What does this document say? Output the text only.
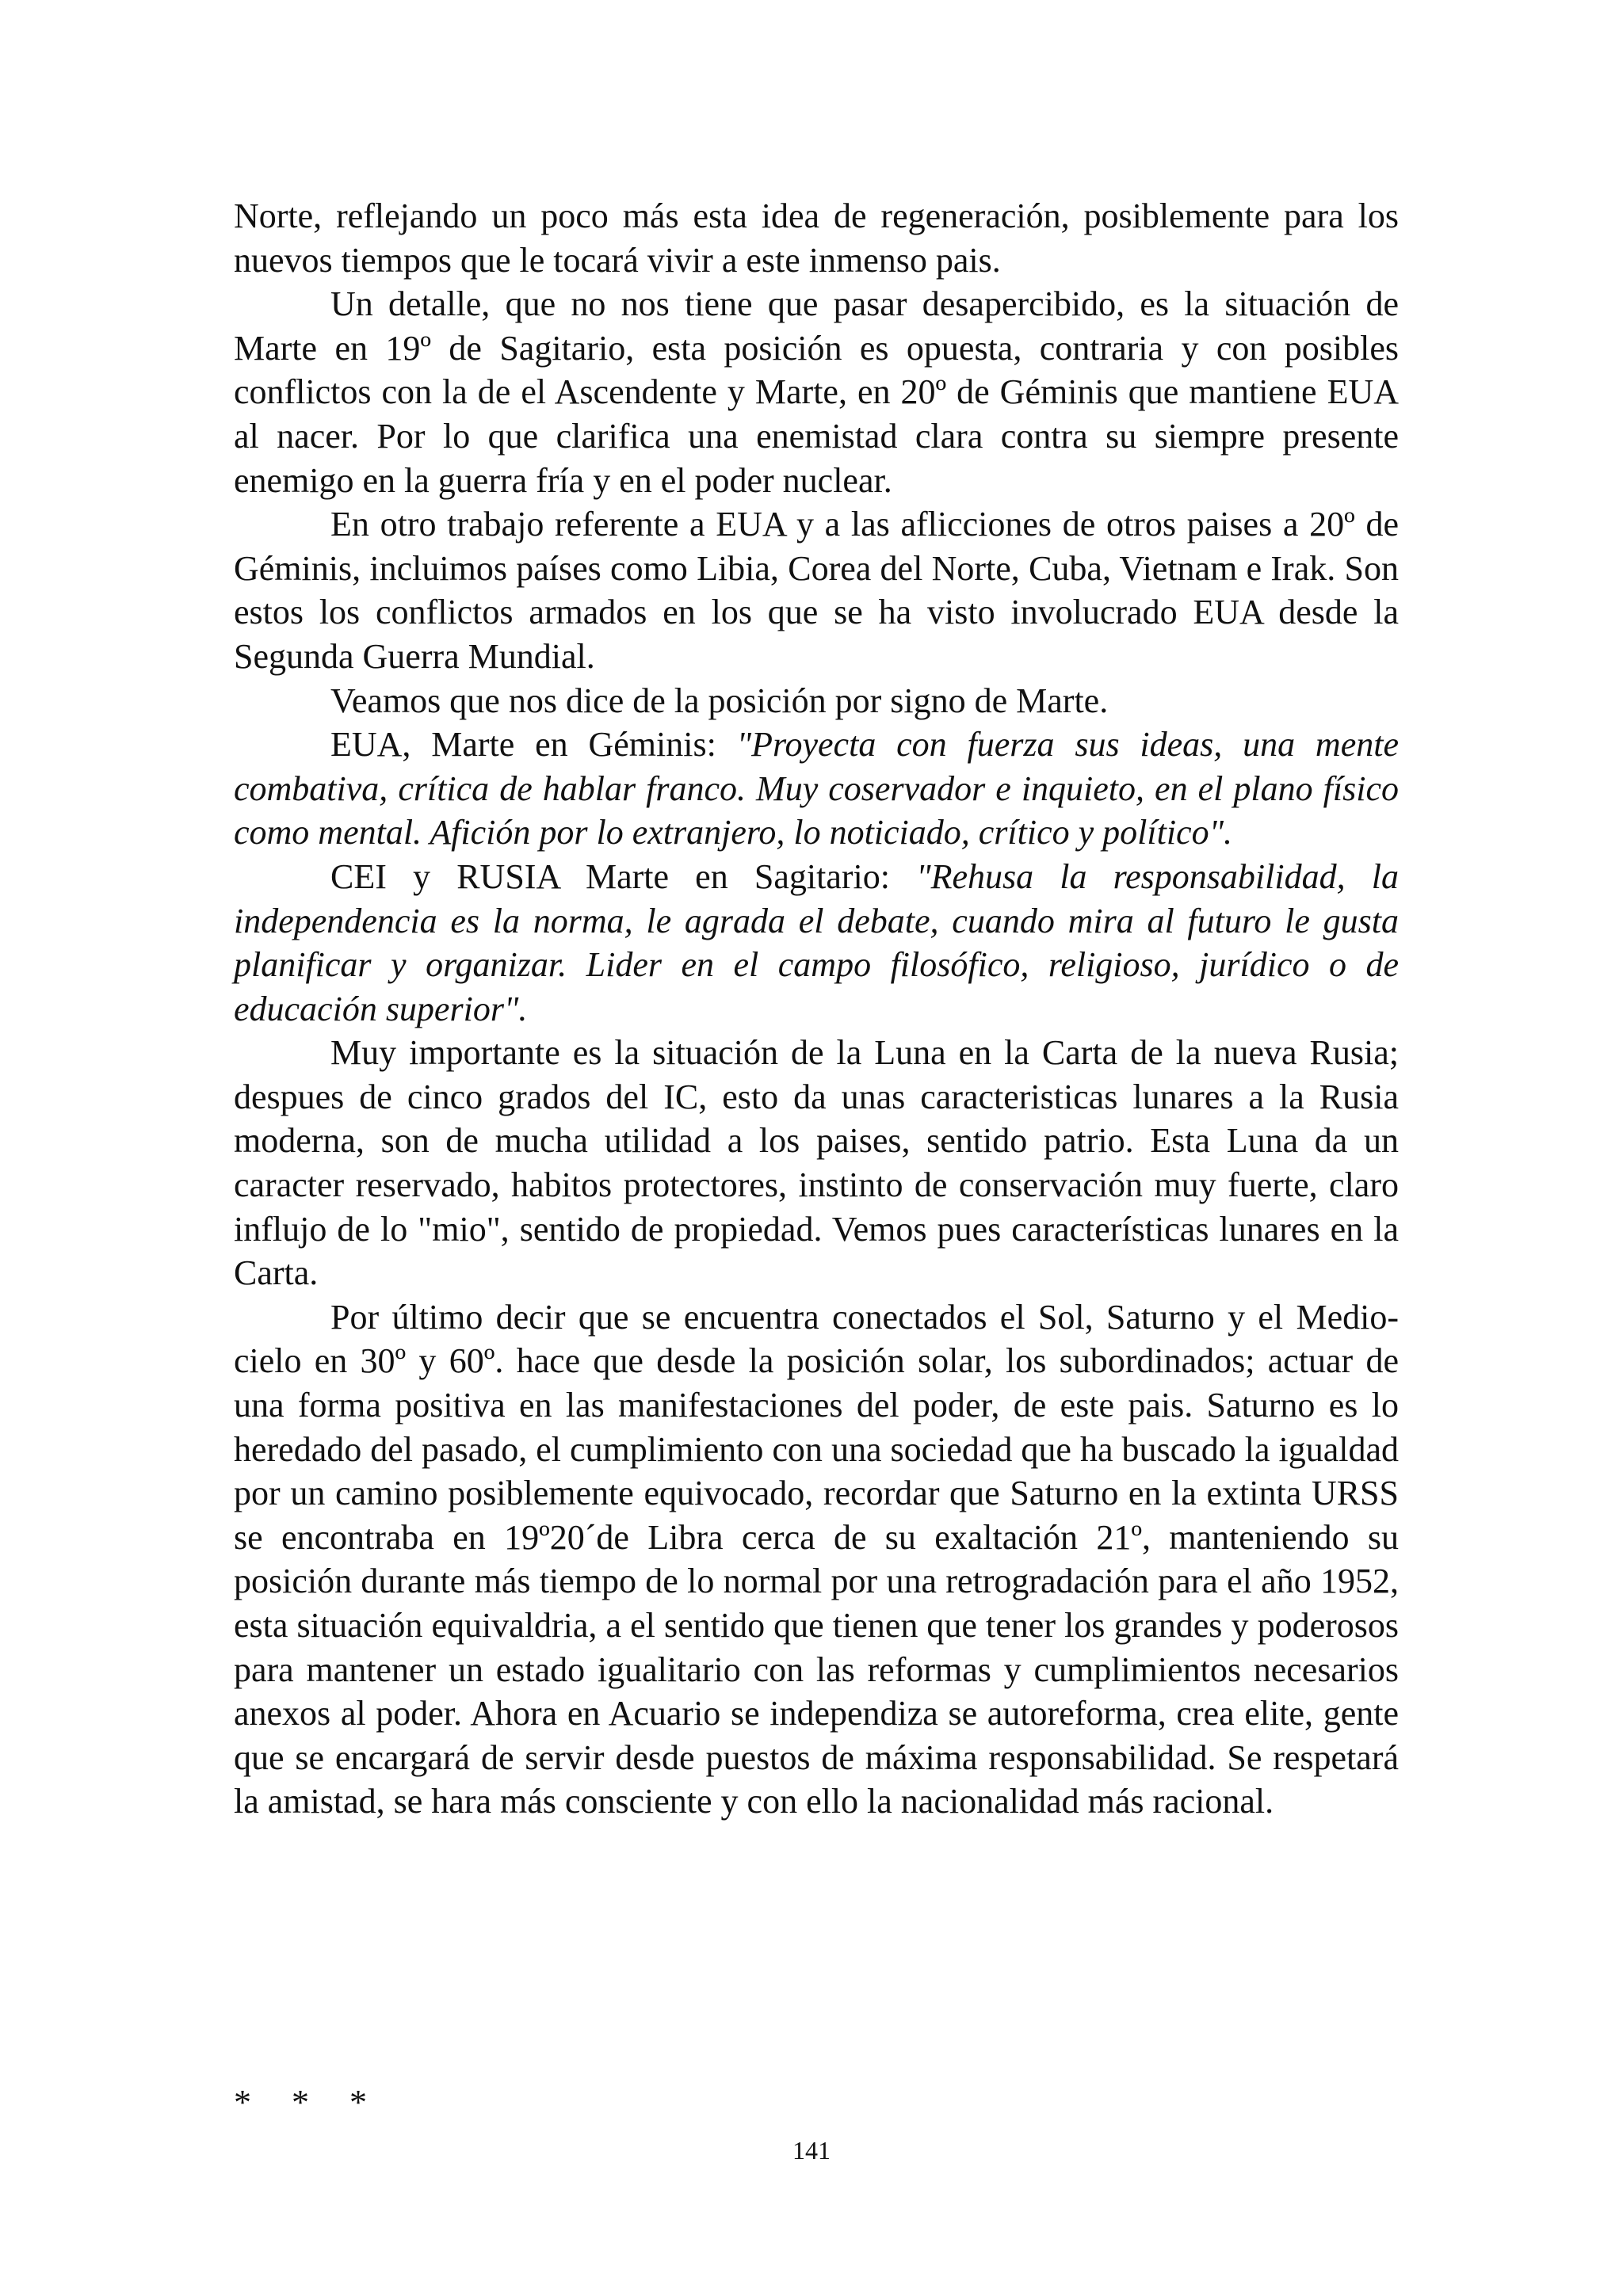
Norte, reflejando un poco más esta idea de regeneración, posiblemente para los nuevos tiempos que le tocará vivir a este inmenso pais.

Un detalle, que no nos tiene que pasar desapercibido, es la situación de Marte en 19º de Sagitario, esta posición es opuesta, contraria y con posibles conflictos con la de el Ascendente y Marte, en 20º de Géminis que mantiene EUA al nacer. Por lo que clarifica una enemistad clara contra su siempre presente enemigo en la guerra fría y en el poder nuclear.

En otro trabajo referente a EUA y a las aflicciones de otros paises a 20º de Géminis, incluimos países como Libia, Corea del Norte, Cuba, Vietnam e Irak. Son estos los conflictos armados en los que se ha visto involucrado EUA desde la Segunda Guerra Mundial.

Veamos que nos dice de la posición por signo de Marte.

EUA, Marte en Géminis: "Proyecta con fuerza sus ideas, una mente combativa, crítica de hablar franco. Muy coservador e inquieto, en el plano físico como mental. Afición por lo extranjero, lo noticiado, crítico y político".

CEI y RUSIA Marte en Sagitario: "Rehusa la responsabilidad, la independencia es la norma, le agrada el debate, cuando mira al futuro le gusta planificar y organizar. Lider en el campo filosófico, religioso, jurídico o de educación superior".

Muy importante es la situación de la Luna en la Carta de la nueva Rusia; despues de cinco grados del IC, esto da unas caracteristicas lunares a la Rusia moderna, son de mucha utilidad a los paises, sentido patrio. Esta Luna da un caracter reservado, habitos protectores, instinto de conservación muy fuerte, claro influjo de lo "mio", sentido de propiedad. Vemos pues características lunares en la Carta.

Por último decir que se encuentra conectados el Sol, Saturno y el Medio-cielo en 30º y 60º. hace que desde la posición solar, los subordinados; actuar de una forma positiva en las manifestaciones del poder, de este pais. Saturno es lo heredado del pasado, el cumplimiento con una sociedad que ha buscado la igualdad por un camino posiblemente equivocado, recordar que Saturno en la extinta URSS se encontraba en 19º20´de Libra cerca de su exaltación 21º, manteniendo su posición durante más tiempo de lo normal por una retrogradación para el año 1952, esta situación equivaldria, a el sentido que tienen que tener los grandes y poderosos para mantener un estado igualitario con las reformas y cumplimientos necesarios anexos al poder. Ahora en Acuario se independiza se autoreforma, crea elite, gente que se encargará de servir desde puestos de máxima responsabilidad. Se respetará la amistad, se hara más consciente y con ello la nacionalidad más racional.

* * *
141
